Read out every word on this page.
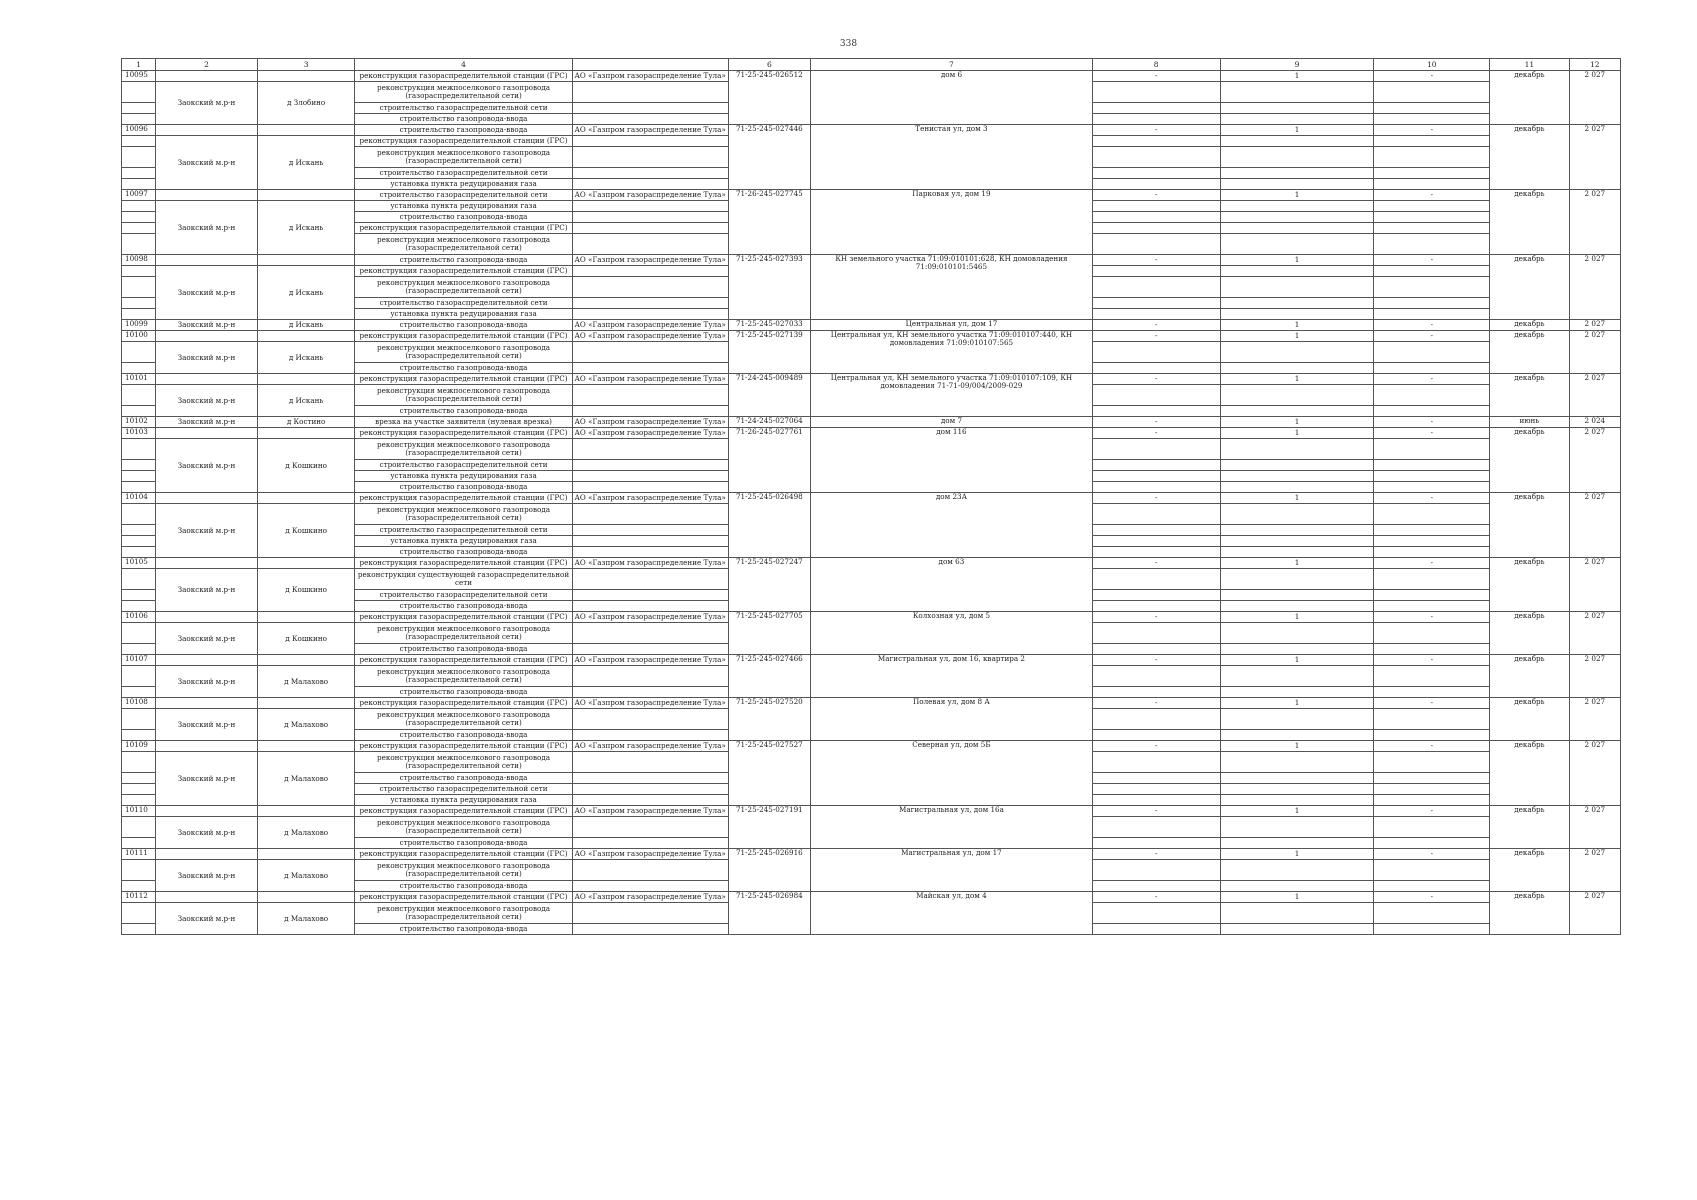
338
1	2	3	4		6	7	8	9	10	11	12
10095			реконструкция газораспределительной станции (ГРС)	АО «Газпром газораспределение Тула»	71-25-245-026512	дом 6	-	1	-	декабрь	2 027
	Заокский м.р-н	д Злобино	реконструкция межпоселкового газопровода (газораспределительной сети)								
			строительство газораспределительной сети								
			строительство газопровода-ввода								
10096			строительство газопровода-ввода	АО «Газпром газораспределение Тула»	71-25-245-027446	Тенистая ул, дом 3	-	1	-	декабрь	2 027
	Заокский м.р-н	д Искань	реконструкция газораспределительной станции (ГРС)								
			реконструкция межпоселкового газопровода (газораспределительной сети)								
			строительство газораспределительной сети								
			установка пункта редуцирования газа								
10097			строительство газораспределительной сети	АО «Газпром газораспределение Тула»	71-26-245-027745	Парковая ул, дом 19	-	1	-	декабрь	2 027
	Заокский м.р-н	д Искань	установка пункта редуцирования газа								
			строительство газопровода-ввода								
			реконструкция газораспределительной станции (ГРС)								
			реконструкция межпоселкового газопровода (газораспределительной сети)								
10098			строительство газопровода-ввода	АО «Газпром газораспределение Тула»	71-25-245-027393	КН земельного участка 71:09:010101:628, КН домовладения 71:09:010101:5465	-	1	-	декабрь	2 027
	Заокский м.р-н	д Искань	реконструкция газораспределительной станции (ГРС)								
			реконструкция межпоселкового газопровода (газораспределительной сети)								
			строительство газораспределительной сети								
			установка пункта редуцирования газа								
10099	Заокский м.р-н	д Искань	строительство газопровода-ввода	АО «Газпром газораспределение Тула»	71-25-245-027033	Центральная ул, дом 17	-	1	-	декабрь	2 027
10100			реконструкция газораспределительной станции (ГРС)	АО «Газпром газораспределение Тула»	71-25-245-027139	Центральная ул, КН земельного участка 71:09:010107:440, КН домовладения 71:09:010107:565	-	1	-	декабрь	2 027
	Заокский м.р-н	д Искань	реконструкция межпоселкового газопровода (газораспределительной сети)								
			строительство газопровода-ввода								
10101			реконструкция газораспределительной станции (ГРС)	АО «Газпром газораспределение Тула»	71-24-245-009489	Центральная ул, КН земельного участка 71:09:010107:109, КН домовладения 71-71-09/004/2009-029	-	1	-	декабрь	2 027
	Заокский м.р-н	д Искань	реконструкция межпоселкового газопровода (газораспределительной сети)								
			строительство газопровода-ввода								
10102	Заокский м.р-н	д Костино	врезка на участке заявителя (нулевая врезка)	АО «Газпром газораспределение Тула»	71-24-245-027064	дом 7	-	1	-	июнь	2 024
10103			реконструкция газораспределительной станции (ГРС)	АО «Газпром газораспределение Тула»	71-26-245-027761	дом 116	-	1	-	декабрь	2 027
	Заокский м.р-н	д Кошкино	реконструкция межпоселкового газопровода (газораспределительной сети)								
			строительство газораспределительной сети								
			установка пункта редуцирования газа								
			строительство газопровода-ввода								
10104			реконструкция газораспределительной станции (ГРС)	АО «Газпром газораспределение Тула»	71-25-245-026498	дом 23А	-	1	-	декабрь	2 027
	Заокский м.р-н	д Кошкино	реконструкция межпоселкового газопровода (газораспределительной сети)								
			строительство газораспределительной сети								
			установка пункта редуцирования газа								
			строительство газопровода-ввода								
10105			реконструкция газораспределительной станции (ГРС)	АО «Газпром газораспределение Тула»	71-25-245-027247	дом 63	-	1	-	декабрь	2 027
	Заокский м.р-н	д Кошкино	реконструкция существующей газораспределительной сети								
			строительство газораспределительной сети								
			строительство газопровода-ввода								
10106			реконструкция газораспределительной станции (ГРС)	АО «Газпром газораспределение Тула»	71-25-245-027705	Колхозная ул, дом 5	-	1	-	декабрь	2 027
	Заокский м.р-н	д Кошкино	реконструкция межпоселкового газопровода (газораспределительной сети)								
			строительство газопровода-ввода								
10107			реконструкция газораспределительной станции (ГРС)	АО «Газпром газораспределение Тула»	71-25-245-027466	Магистральная ул, дом 16, квартира 2	-	1	-	декабрь	2 027
	Заокский м.р-н	д Малахово	реконструкция межпоселкового газопровода (газораспределительной сети)								
			строительство газопровода-ввода								
10108			реконструкция газораспределительной станции (ГРС)	АО «Газпром газораспределение Тула»	71-25-245-027520	Полевая ул, дом 8 А	-	1	-	декабрь	2 027
	Заокский м.р-н	д Малахово	реконструкция межпоселкового газопровода (газораспределительной сети)								
			строительство газопровода-ввода								
10109			реконструкция газораспределительной станции (ГРС)	АО «Газпром газораспределение Тула»	71-25-245-027527	Северная ул, дом 5Б	-	1	-	декабрь	2 027
	Заокский м.р-н	д Малахово	реконструкция межпоселкового газопровода (газораспределительной сети)								
			строительство газопровода-ввода								
			строительство газораспределительной сети								
			установка пункта редуцирования газа								
10110			реконструкция газораспределительной станции (ГРС)	АО «Газпром газораспределение Тула»	71-25-245-027191	Магистральная ул, дом 16а	-	1	-	декабрь	2 027
	Заокский м.р-н	д Малахово	реконструкция межпоселкового газопровода (газораспределительной сети)								
			строительство газопровода-ввода								
10111			реконструкция газораспределительной станции (ГРС)	АО «Газпром газораспределение Тула»	71-25-245-026916	Магистральная ул, дом 17	-	1	-	декабрь	2 027
	Заокский м.р-н	д Малахово	реконструкция межпоселкового газопровода (газораспределительной сети)								
			строительство газопровода-ввода								
10112			реконструкция газораспределительной станции (ГРС)	АО «Газпром газораспределение Тула»	71-25-245-026984	Майская ул, дом 4	-	1	-	декабрь	2 027
	Заокский м.р-н	д Малахово	реконструкция межпоселкового газопровода (газораспределительной сети)								
			строительство газопровода-ввода								
